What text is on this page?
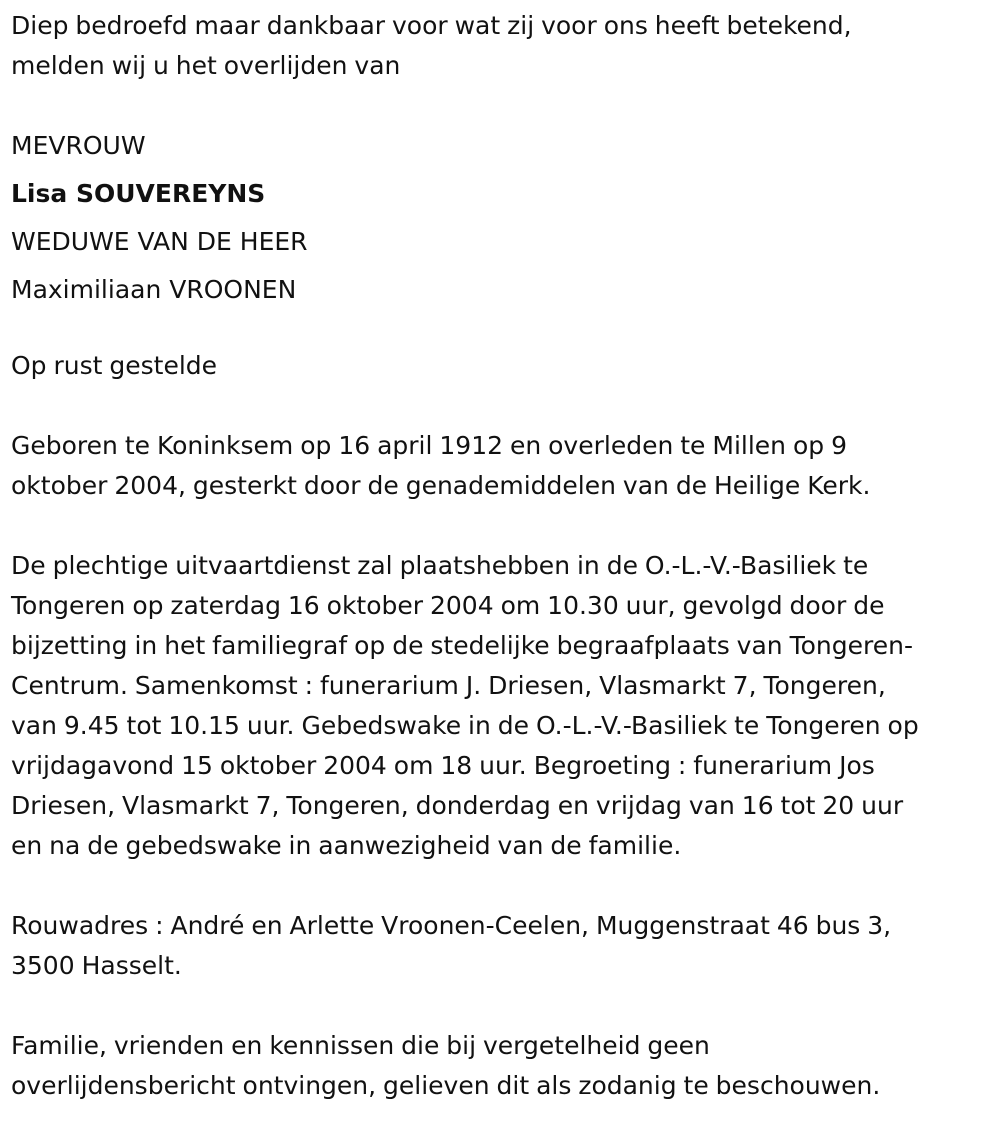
Diep bedroefd maar dankbaar voor wat zij voor ons heeft betekend,
melden wij u het overlijden van

MEVROUW
Lisa SOUVEREYNS
WEDUWE VAN DE HEER
Maximiliaan VROONEN

Op rust gestelde

Geboren te Koninksem op 16 april 1912 en overleden te Millen op 9
oktober 2004, gesterkt door de genademiddelen van de Heilige Kerk.

De plechtige uitvaartdienst zal plaatshebben in de O.-L.-V.-Basiliek te
Tongeren op zaterdag 16 oktober 2004 om 10.30 uur, gevolgd door de
bijzetting in het familiegraf op de stedelijke begraafplaats van Tongeren-
Centrum. Samenkomst : funerarium J. Driesen, Vlasmarkt 7, Tongeren,
van 9.45 tot 10.15 uur. Gebedswake in de O.-L.-V.-Basiliek te Tongeren op
vrijdagavond 15 oktober 2004 om 18 uur. Begroeting : funerarium Jos
Driesen, Vlasmarkt 7, Tongeren, donderdag en vrijdag van 16 tot 20 uur
en na de gebedswake in aanwezigheid van de familie.

Rouwadres : André en Arlette Vroonen-Ceelen, Muggenstraat 46 bus 3,
3500 Hasselt.

Familie, vrienden en kennissen die bij vergetelheid geen
overlijdensbericht ontvingen, gelieven dit als zodanig te beschouwen.
